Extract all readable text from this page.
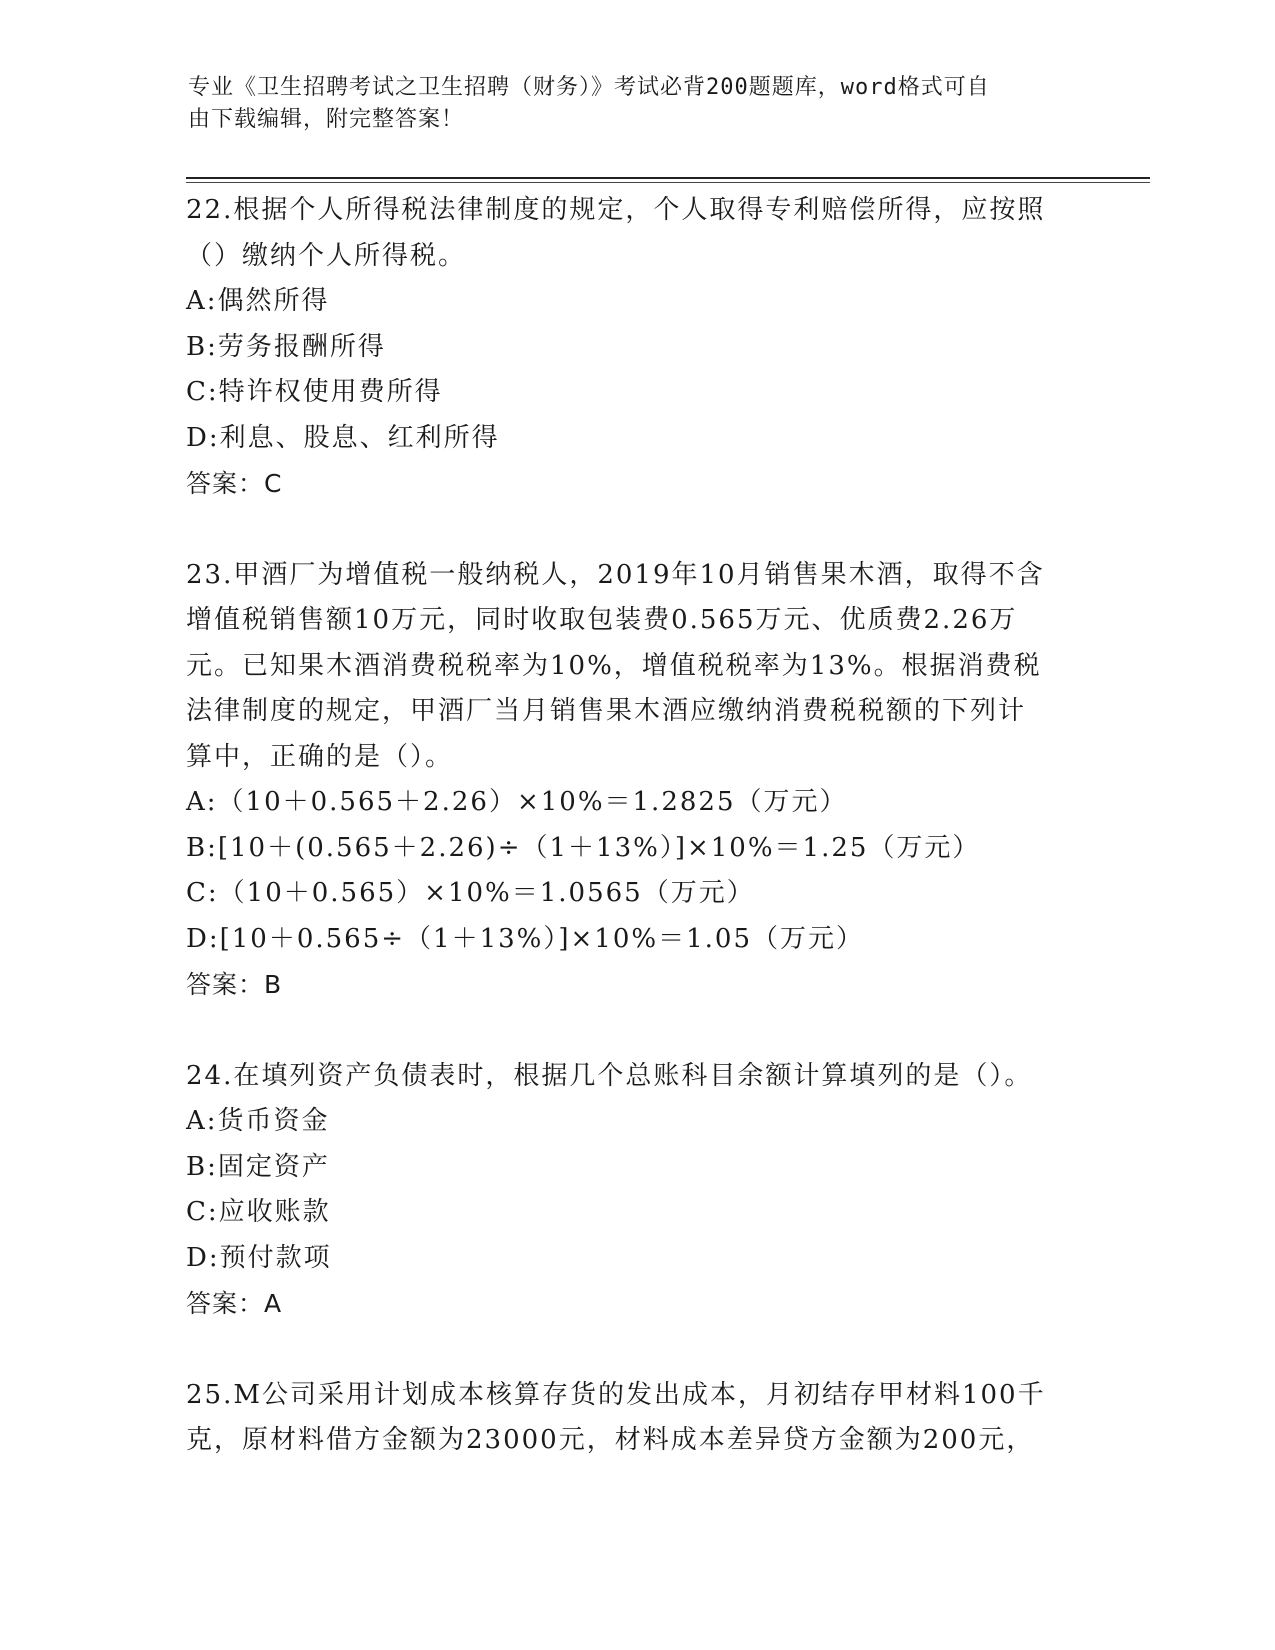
专业《卫生招聘考试之卫生招聘（财务）》考试必背200题题库，word格式可自
由下载编辑，附完整答案！

22.根据个人所得税法律制度的规定，个人取得专利赔偿所得，应按照

（）缴纳个人所得税。

A:偶然所得

B:劳务报酬所得

C:特许权使用费所得

D:利息、股息、红利所得

答案：C

23.甲酒厂为增值税一般纳税人，2019年10月销售果木酒，取得不含

增值税销售额10万元，同时收取包装费0.565万元、优质费2.26万

元。已知果木酒消费税税率为10%，增值税税率为13%。根据消费税

法律制度的规定，甲酒厂当月销售果木酒应缴纳消费税税额的下列计

算中，正确的是（）。

A:（10＋0.565＋2.26）×10%＝1.2825（万元）

B:[10＋(0.565＋2.26)÷（1＋13%）]×10%＝1.25（万元）

C:（10＋0.565）×10%＝1.0565（万元）

D:[10＋0.565÷（1＋13%）]×10%＝1.05（万元）

答案：B

24.在填列资产负债表时，根据几个总账科目余额计算填列的是（）。

A:货币资金

B:固定资产

C:应收账款

D:预付款项

答案：A

25.M公司采用计划成本核算存货的发出成本，月初结存甲材料100千

克，原材料借方金额为23000元，材料成本差异贷方金额为200元，
